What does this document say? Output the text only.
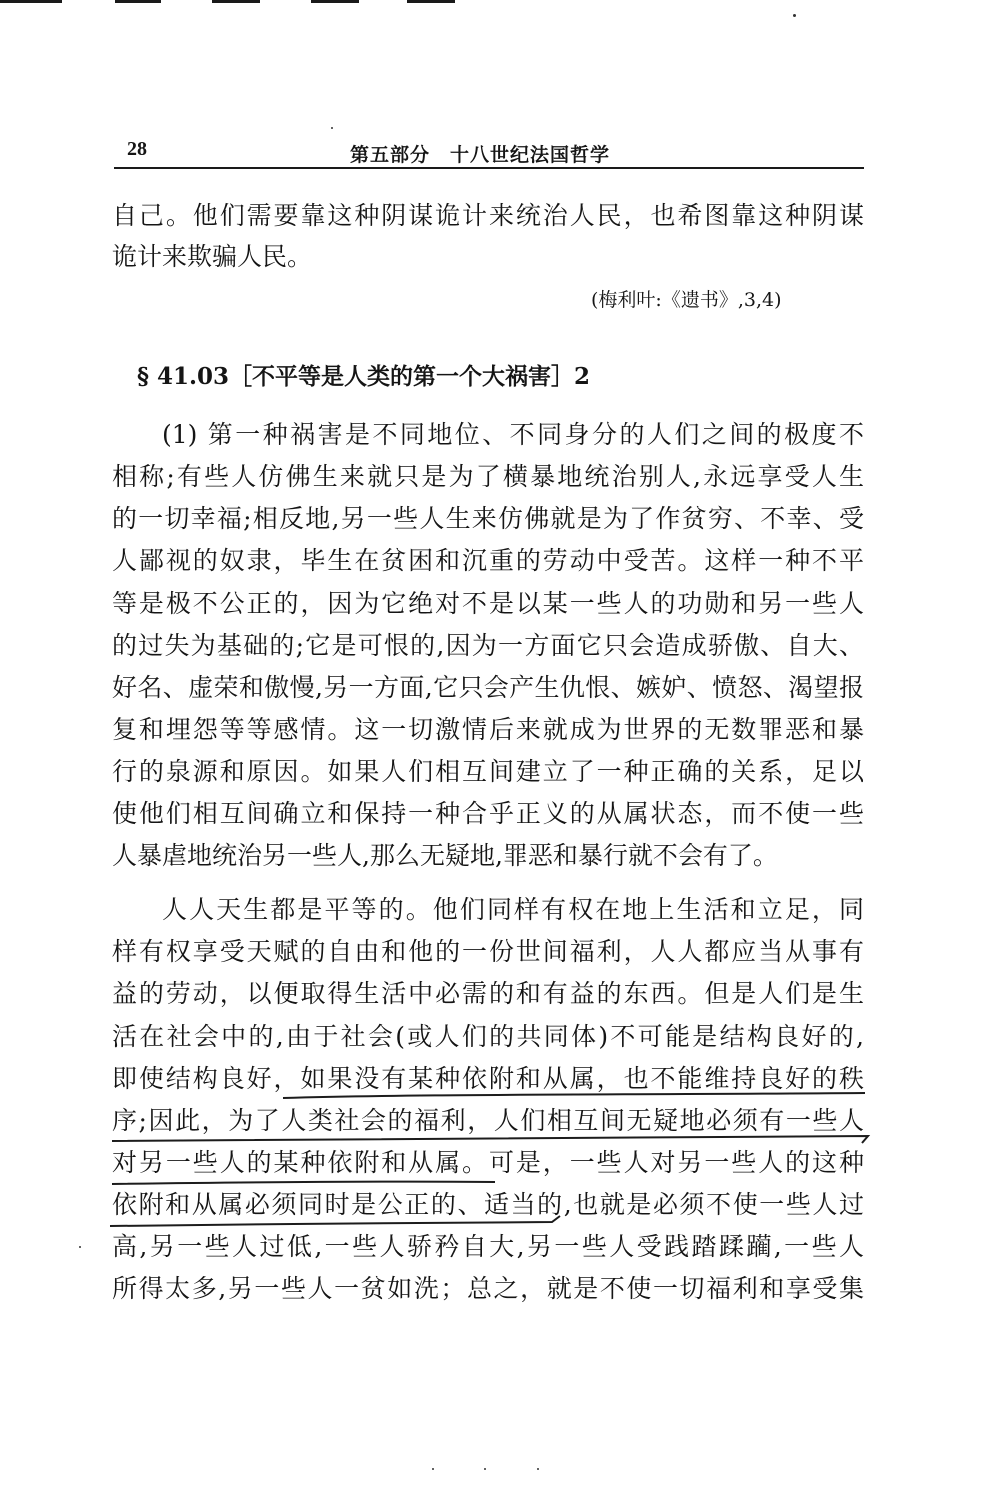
28	第五部分　十八世纪法国哲学
自己。他们需要靠这种阴谋诡计来统治人民，也希图靠这种阴谋
诡计来欺骗人民。
(梅利叶:《遗书》,3,4)
§ 41.03［不平等是人类的第一个大祸害］2
(1) 第一种祸害是不同地位、不同身分的人们之间的极度不
相称;有些人仿佛生来就只是为了横暴地统治别人,永远享受人生
的一切幸福;相反地,另一些人生来仿佛就是为了作贫穷、不幸、受
人鄙视的奴隶，毕生在贫困和沉重的劳动中受苦。这样一种不平
等是极不公正的，因为它绝对不是以某一些人的功勋和另一些人
的过失为基础的;它是可恨的,因为一方面它只会造成骄傲、自大、
好名、虚荣和傲慢,另一方面,它只会产生仇恨、嫉妒、愤怒、渴望报
复和埋怨等等感情。这一切激情后来就成为世界的无数罪恶和暴
行的泉源和原因。如果人们相互间建立了一种正确的关系，足以
使他们相互间确立和保持一种合乎正义的从属状态，而不使一些
人暴虐地统治另一些人,那么无疑地,罪恶和暴行就不会有了。
人人天生都是平等的。他们同样有权在地上生活和立足，同
样有权享受天赋的自由和他的一份世间福利，人人都应当从事有
益的劳动，以便取得生活中必需的和有益的东西。但是人们是生
活在社会中的,由于社会(或人们的共同体)不可能是结构良好的,
即使结构良好，如果没有某种依附和从属，也不能维持良好的秩
序;因此，为了人类社会的福利，人们相互间无疑地必须有一些人
对另一些人的某种依附和从属。可是，一些人对另一些人的这种
依附和从属必须同时是公正的、适当的,也就是必须不使一些人过
高,另一些人过低,一些人骄矜自大,另一些人受践踏蹂躏,一些人
所得太多,另一些人一贫如洗；总之，就是不使一切福利和享受集
